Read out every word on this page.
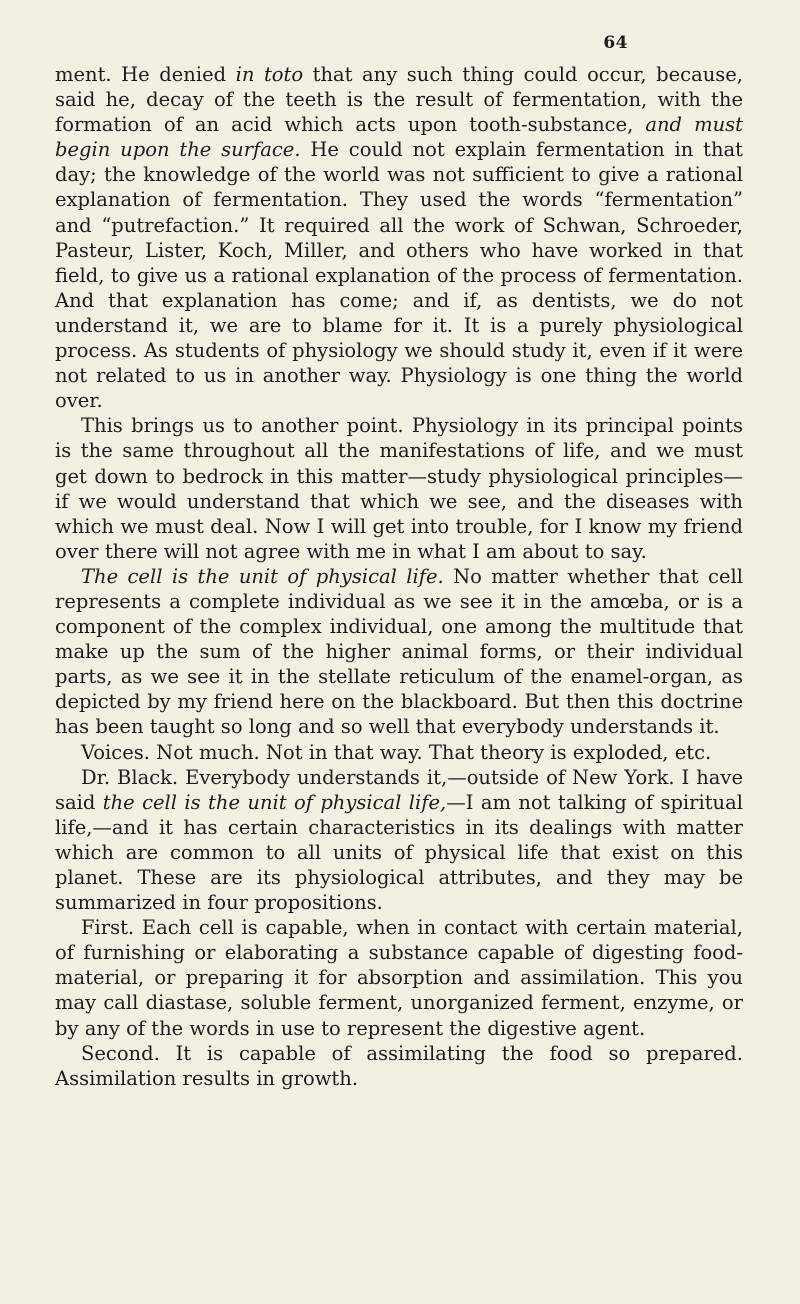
64

ment. He denied in toto that any such thing could occur, because, said he, decay of the teeth is the result of fermentation, with the formation of an acid which acts upon tooth-substance, and must begin upon the surface. He could not explain fermentation in that day; the knowledge of the world was not sufficient to give a rational explanation of fermentation. They used the words “fermentation” and “putrefaction.” It required all the work of Schwan, Schroeder, Pasteur, Lister, Koch, Miller, and others who have worked in that field, to give us a rational explanation of the process of fermentation. And that explanation has come; and if, as dentists, we do not understand it, we are to blame for it. It is a purely physiological process. As students of physiology we should study it, even if it were not related to us in another way. Physiology is one thing the world over.

This brings us to another point. Physiology in its principal points is the same throughout all the manifestations of life, and we must get down to bedrock in this matter—study physiological principles—if we would understand that which we see, and the diseases with which we must deal. Now I will get into trouble, for I know my friend over there will not agree with me in what I am about to say.

The cell is the unit of physical life. No matter whether that cell represents a complete individual as we see it in the amœba, or is a component of the complex individual, one among the multitude that make up the sum of the higher animal forms, or their individual parts, as we see it in the stellate reticulum of the enamel-organ, as depicted by my friend here on the blackboard. But then this doctrine has been taught so long and so well that everybody understands it.

Voices. Not much. Not in that way. That theory is exploded, etc.

Dr. Black. Everybody understands it,—outside of New York. I have said the cell is the unit of physical life,—I am not talking of spiritual life,—and it has certain characteristics in its dealings with matter which are common to all units of physical life that exist on this planet. These are its physiological attributes, and they may be summarized in four propositions.

First. Each cell is capable, when in contact with certain material, of furnishing or elaborating a substance capable of digesting food-material, or preparing it for absorption and assimilation. This you may call diastase, soluble ferment, unorganized ferment, enzyme, or by any of the words in use to represent the digestive agent.

Second. It is capable of assimilating the food so prepared. Assimilation results in growth.
